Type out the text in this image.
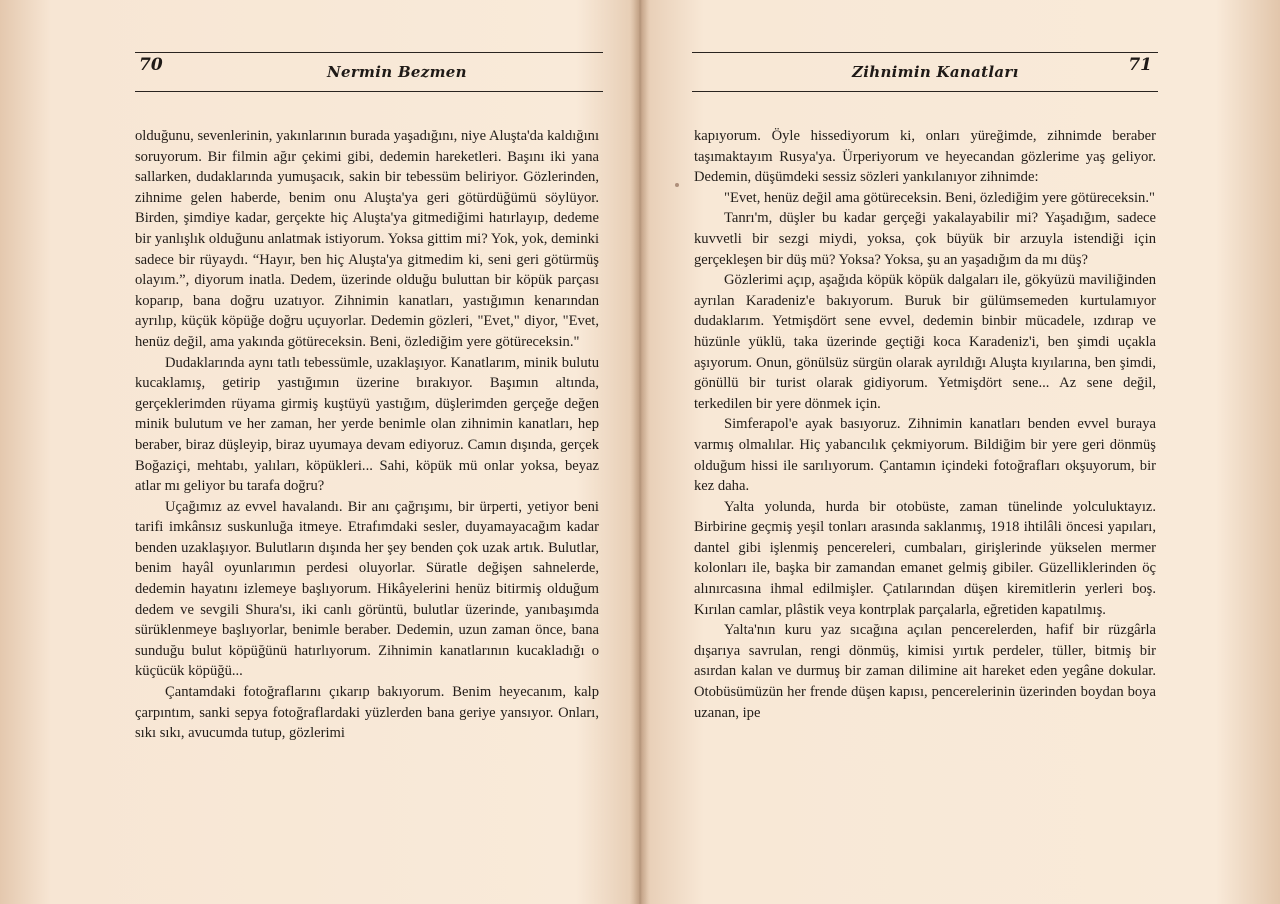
70	Nermin Bezmen

olduğunu, sevenlerinin, yakınlarının burada yaşadığını, niye Aluşta'da kaldığını soruyorum. Bir filmin ağır çekimi gibi, dedemin hareketleri. Başını iki yana sallarken, dudaklarında yumuşacık, sakin bir tebessüm beliriyor. Gözlerinden, zihnime gelen haberde, benim onu Aluşta'ya geri götürdüğümü söylüyor. Birden, şimdiye kadar, gerçekte hiç Aluşta'ya gitmediğimi hatırlayıp, dedeme bir yanlışlık olduğunu anlatmak istiyorum. Yoksa gittim mi? Yok, yok, deminki sadece bir rüyaydı. “Hayır, ben hiç Aluşta'ya gitmedim ki, seni geri götürmüş olayım.”, diyorum inatla. Dedem, üzerinde olduğu buluttan bir köpük parçası koparıp, bana doğru uzatıyor. Zihnimin kanatları, yastığımın kenarından ayrılıp, küçük köpüğe doğru uçuyorlar. Dedemin gözleri, "Evet," diyor, "Evet, henüz değil, ama yakında götüreceksin. Beni, özlediğim yere götüreceksin."

Dudaklarında aynı tatlı tebessümle, uzaklaşıyor. Kanatlarım, minik bulutu kucaklamış, getirip yastığımın üzerine bırakıyor. Başımın altında, gerçeklerimden rüyama girmiş kuştüyü yastığım, düşlerimden gerçeğe değen minik bulutum ve her zaman, her yerde benimle olan zihnimin kanatları, hep beraber, biraz düşleyip, biraz uyumaya devam ediyoruz. Camın dışında, gerçek Boğaziçi, mehtabı, yalıları, köpükleri... Sahi, köpük mü onlar yoksa, beyaz atlar mı geliyor bu tarafa doğru?

Uçağımız az evvel havalandı. Bir anı çağrışımı, bir ürperti, yetiyor beni tarifi imkânsız suskunluğa itmeye. Etrafımdaki sesler, duyamayacağım kadar benden uzaklaşıyor. Bulutların dışında her şey benden çok uzak artık. Bulutlar, benim hayâl oyunlarımın perdesi oluyorlar. Süratle değişen sahnelerde, dedemin hayatını izlemeye başlıyorum. Hikâyelerini henüz bitirmiş olduğum dedem ve sevgili Shura'sı, iki canlı görüntü, bulutlar üzerinde, yanıbaşımda sürüklenmeye başlıyorlar, benimle beraber. Dedemin, uzun zaman önce, bana sunduğu bulut köpüğünü hatırlıyorum. Zihnimin kanatlarının kucakladığı o küçücük köpüğü...

Çantamdaki fotoğraflarını çıkarıp bakıyorum. Benim heyecanım, kalp çarpıntım, sanki sepya fotoğraflardaki yüzlerden bana geriye yansıyor. Onları, sıkı sıkı, avucumda tutup, gözlerimi

Zihnimin Kanatları	71

kapıyorum. Öyle hissediyorum ki, onları yüreğimde, zihnimde beraber taşımaktayım Rusya'ya. Ürperiyorum ve heyecandan gözlerime yaş geliyor. Dedemin, düşümdeki sessiz sözleri yankılanıyor zihnimde:

"Evet, henüz değil ama götüreceksin. Beni, özlediğim yere götüreceksin."

Tanrı'm, düşler bu kadar gerçeği yakalayabilir mi? Yaşadığım, sadece kuvvetli bir sezgi miydi, yoksa, çok büyük bir arzuyla istendiği için gerçekleşen bir düş mü? Yoksa? Yoksa, şu an yaşadığım da mı düş?

Gözlerimi açıp, aşağıda köpük köpük dalgaları ile, gökyüzü maviliğinden ayrılan Karadeniz'e bakıyorum. Buruk bir gülümsemeden kurtulamıyor dudaklarım. Yetmişdört sene evvel, dedemin binbir mücadele, ızdırap ve hüzünle yüklü, taka üzerinde geçtiği koca Karadeniz'i, ben şimdi uçakla aşıyorum. Onun, gönülsüz sürgün olarak ayrıldığı Aluşta kıyılarına, ben şimdi, gönüllü bir turist olarak gidiyorum. Yetmişdört sene... Az sene değil, terkedilen bir yere dönmek için.

Simferapol'e ayak basıyoruz. Zihnimin kanatları benden evvel buraya varmış olmalılar. Hiç yabancılık çekmiyorum. Bildiğim bir yere geri dönmüş olduğum hissi ile sarılıyorum. Çantamın içindeki fotoğrafları okşuyorum, bir kez daha.

Yalta yolunda, hurda bir otobüste, zaman tünelinde yolculuktayız. Birbirine geçmiş yeşil tonları arasında saklanmış, 1918 ihtilâli öncesi yapıları, dantel gibi işlenmiş pencereleri, cumbaları, girişlerinde yükselen mermer kolonları ile, başka bir zamandan emanet gelmiş gibiler. Güzelliklerinden öç alınırcasına ihmal edilmişler. Çatılarından düşen kiremitlerin yerleri boş. Kırılan camlar, plâstik veya kontrplak parçalarla, eğretiden kapatılmış.

Yalta'nın kuru yaz sıcağına açılan pencerelerden, hafif bir rüzgârla dışarıya savrulan, rengi dönmüş, kimisi yırtık perdeler, tüller, bitmiş bir asırdan kalan ve durmuş bir zaman dilimine ait hareket eden yegâne dokular. Otobüsümüzün her frende düşen kapısı, pencerelerinin üzerinden boydan boya uzanan, ipe
